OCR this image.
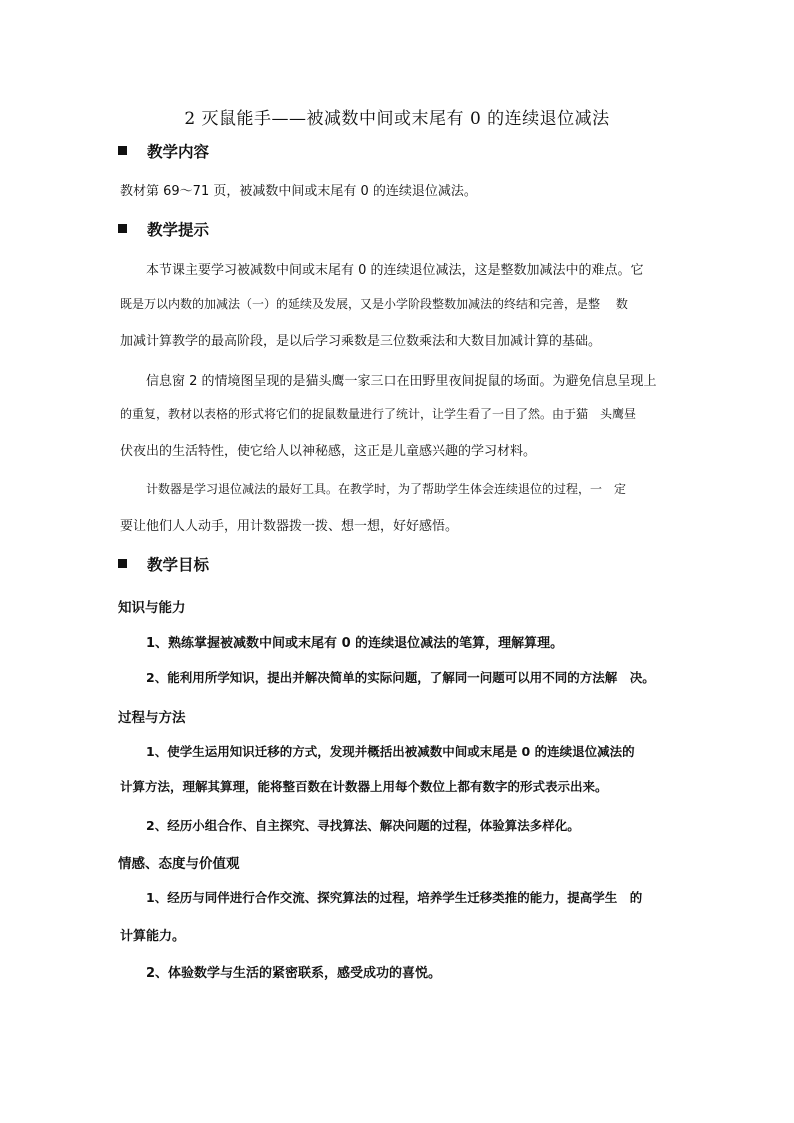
2 灭鼠能手——被减数中间或末尾有 0 的连续退位减法
教学内容
教材第 69～71 页，被减数中间或末尾有 0 的连续退位减法。
教学提示
本节课主要学习被减数中间或末尾有 0 的连续退位减法，这是整数加减法中的难点。它
既是万以内数的加减法（一）的延续及发展，又是小学阶段整数加减法的终结和完善，是整　 数
加减计算教学的最高阶段，是以后学习乘数是三位数乘法和大数目加减计算的基础。
信息窗 2 的情境图呈现的是猫头鹰一家三口在田野里夜间捉鼠的场面。为避免信息呈现上
的重复，教材以表格的形式将它们的捉鼠数量进行了统计，让学生看了一目了然。由于猫　头鹰昼
伏夜出的生活特性，使它给人以神秘感，这正是儿童感兴趣的学习材料。
计数器是学习退位减法的最好工具。在教学时，为了帮助学生体会连续退位的过程，一　定
要让他们人人动手，用计数器拨一拨、想一想，好好感悟。
教学目标
知识与能力
1、熟练掌握被减数中间或末尾有 0 的连续退位减法的笔算，理解算理。
2、能利用所学知识，提出并解决简单的实际问题，了解同一问题可以用不同的方法解　决。
过程与方法
1、使学生运用知识迁移的方式，发现并概括出被减数中间或末尾是 0 的连续退位减法的
计算方法，理解其算理，能将整百数在计数器上用每个数位上都有数字的形式表示出来。
2、经历小组合作、自主探究、寻找算法、解决问题的过程，体验算法多样化。
情感、态度与价值观
1、经历与同伴进行合作交流、探究算法的过程，培养学生迁移类推的能力，提高学生　的
计算能力。
2、体验数学与生活的紧密联系，感受成功的喜悦。
